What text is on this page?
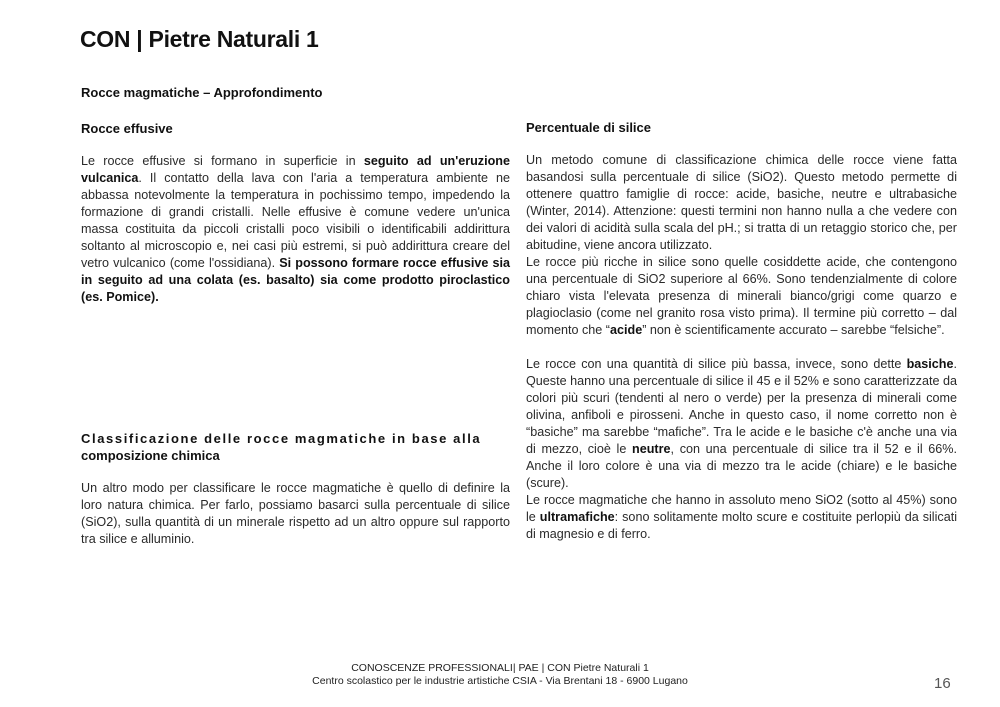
CON | Pietre Naturali 1
Rocce magmatiche – Approfondimento

Rocce effusive

Le rocce effusive si formano in superficie in seguito ad un'eruzione vulcanica. Il contatto della lava con l'aria a temperatura ambiente ne abbassa notevolmente la temperatura in pochissimo tempo, impedendo la formazione di grandi cristalli. Nelle effusive è comune vedere un'unica massa costituita da piccoli cristalli poco visibili o identificabili addirittura soltanto al microscopio e, nei casi più estremi, si può addirittura creare del vetro vulcanico (come l'ossidiana). Si possono formare rocce effusive sia in seguito ad una colata (es. basalto) sia come prodotto piroclastico (es. Pomice).

Classificazione delle rocce magmatiche in base alla
composizione chimica

Un altro modo per classificare le rocce magmatiche è quello di definire la loro natura chimica. Per farlo, possiamo basarci sulla percentuale di silice (SiO2), sulla quantità di un minerale rispetto ad un altro oppure sul rapporto tra silice e alluminio.

Percentuale di silice

Un metodo comune di classificazione chimica delle rocce viene fatta basandosi sulla percentuale di silice (SiO2). Questo metodo permette di ottenere quattro famiglie di rocce: acide, basiche, neutre e ultrabasiche (Winter, 2014). Attenzione: questi termini non hanno nulla a che vedere con dei valori di acidità sulla scala del pH.; si tratta di un retaggio storico che, per abitudine, viene ancora utilizzato.

Le rocce più ricche in silice sono quelle cosiddette acide, che contengono una percentuale di SiO2 superiore al 66%. Sono tendenzialmente di colore chiaro vista l'elevata presenza di minerali bianco/grigi come quarzo e plagioclasio (come nel granito rosa visto prima). Il termine più corretto – dal momento che “acide” non è scientificamente accurato – sarebbe “felsiche”.

Le rocce con una quantità di silice più bassa, invece, sono dette basiche. Queste hanno una percentuale di silice il 45 e il 52% e sono caratterizzate da colori più scuri (tendenti al nero o verde) per la presenza di minerali come olivina, anfiboli e pirosseni. Anche in questo caso, il nome corretto non è “basiche” ma sarebbe “mafiche”. Tra le acide e le basiche c'è anche una via di mezzo, cioè le neutre, con una percentuale di silice tra il 52 e il 66%. Anche il loro colore è una via di mezzo tra le acide (chiare) e le basiche (scure).

Le rocce magmatiche che hanno in assoluto meno SiO2 (sotto al 45%) sono le ultramafiche: sono solitamente molto scure e costituite perlopiù da silicati di magnesio e di ferro.

CONOSCENZE PROFESSIONALI| PAE | CON Pietre Naturali 1
Centro scolastico per le industrie artistiche CSIA - Via Brentani 18 - 6900 Lugano	16
